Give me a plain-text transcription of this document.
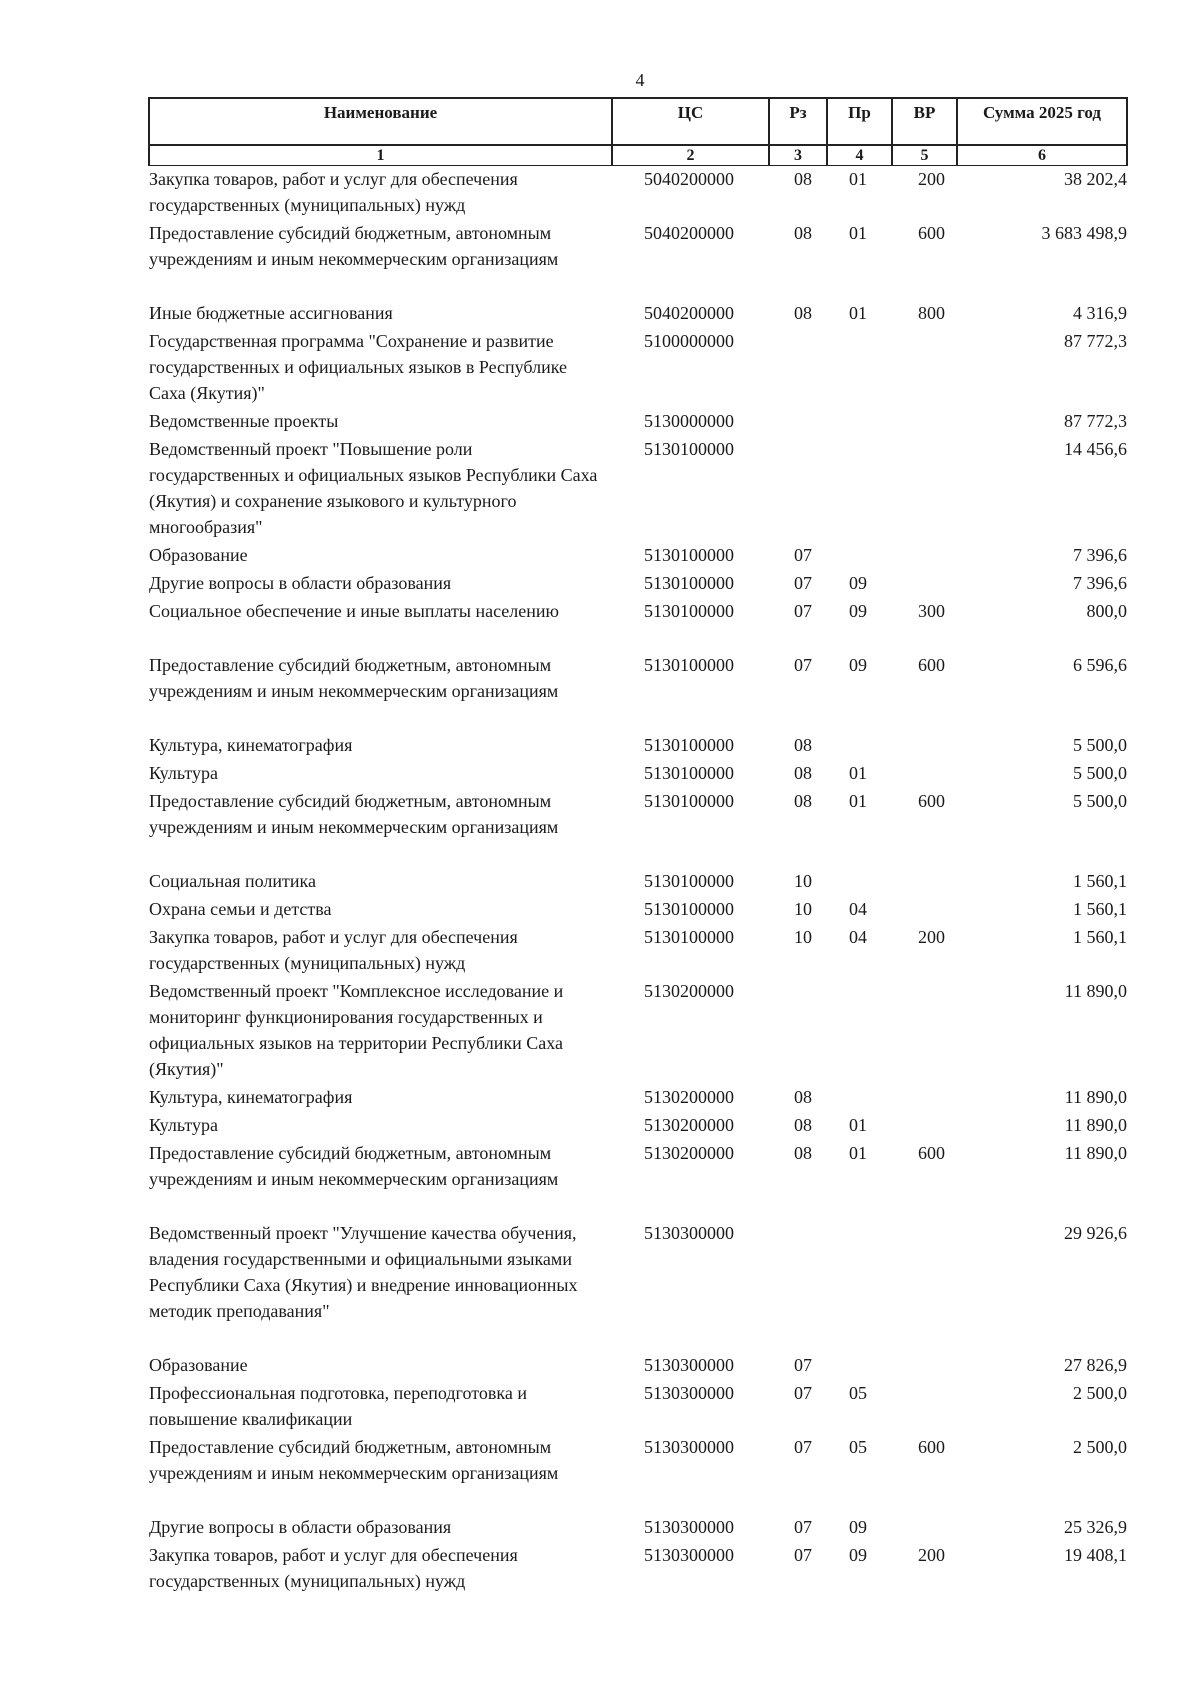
4
Наименование	ЦС	Рз	Пр	ВР	Сумма 2025 год
1	2	3	4	5	6
Закупка товаров, работ и услуг для обеспечения государственных (муниципальных) нужд	5040200000	08	01	200	38 202,4
Предоставление субсидий бюджетным, автономным учреждениям и иным некоммерческим организациям	5040200000	08	01	600	3 683 498,9
Иные бюджетные ассигнования	5040200000	08	01	800	4 316,9
Государственная программа "Сохранение и развитие государственных и официальных языков в Республике Саха (Якутия)"	5100000000				87 772,3
Ведомственные проекты	5130000000				87 772,3
Ведомственный проект "Повышение роли государственных и официальных языков Республики Саха (Якутия) и сохранение языкового и культурного многообразия"	5130100000				14 456,6
Образование	5130100000	07			7 396,6
Другие вопросы в области образования	5130100000	07	09		7 396,6
Социальное обеспечение и иные выплаты населению	5130100000	07	09	300	800,0
Предоставление субсидий бюджетным, автономным учреждениям и иным некоммерческим организациям	5130100000	07	09	600	6 596,6
Культура, кинематография	5130100000	08			5 500,0
Культура	5130100000	08	01		5 500,0
Предоставление субсидий бюджетным, автономным учреждениям и иным некоммерческим организациям	5130100000	08	01	600	5 500,0
Социальная политика	5130100000	10			1 560,1
Охрана семьи и детства	5130100000	10	04		1 560,1
Закупка товаров, работ и услуг для обеспечения государственных (муниципальных) нужд	5130100000	10	04	200	1 560,1
Ведомственный проект "Комплексное исследование и мониторинг функционирования государственных и официальных языков на территории Республики Саха (Якутия)"	5130200000				11 890,0
Культура, кинематография	5130200000	08			11 890,0
Культура	5130200000	08	01		11 890,0
Предоставление субсидий бюджетным, автономным учреждениям и иным некоммерческим организациям	5130200000	08	01	600	11 890,0
Ведомственный проект "Улучшение качества обучения, владения государственными и официальными языками Республики Саха (Якутия) и внедрение инновационных методик преподавания"	5130300000				29 926,6
Образование	5130300000	07			27 826,9
Профессиональная подготовка, переподготовка и повышение квалификации	5130300000	07	05		2 500,0
Предоставление субсидий бюджетным, автономным учреждениям и иным некоммерческим организациям	5130300000	07	05	600	2 500,0
Другие вопросы в области образования	5130300000	07	09		25 326,9
Закупка товаров, работ и услуг для обеспечения государственных (муниципальных) нужд	5130300000	07	09	200	19 408,1
